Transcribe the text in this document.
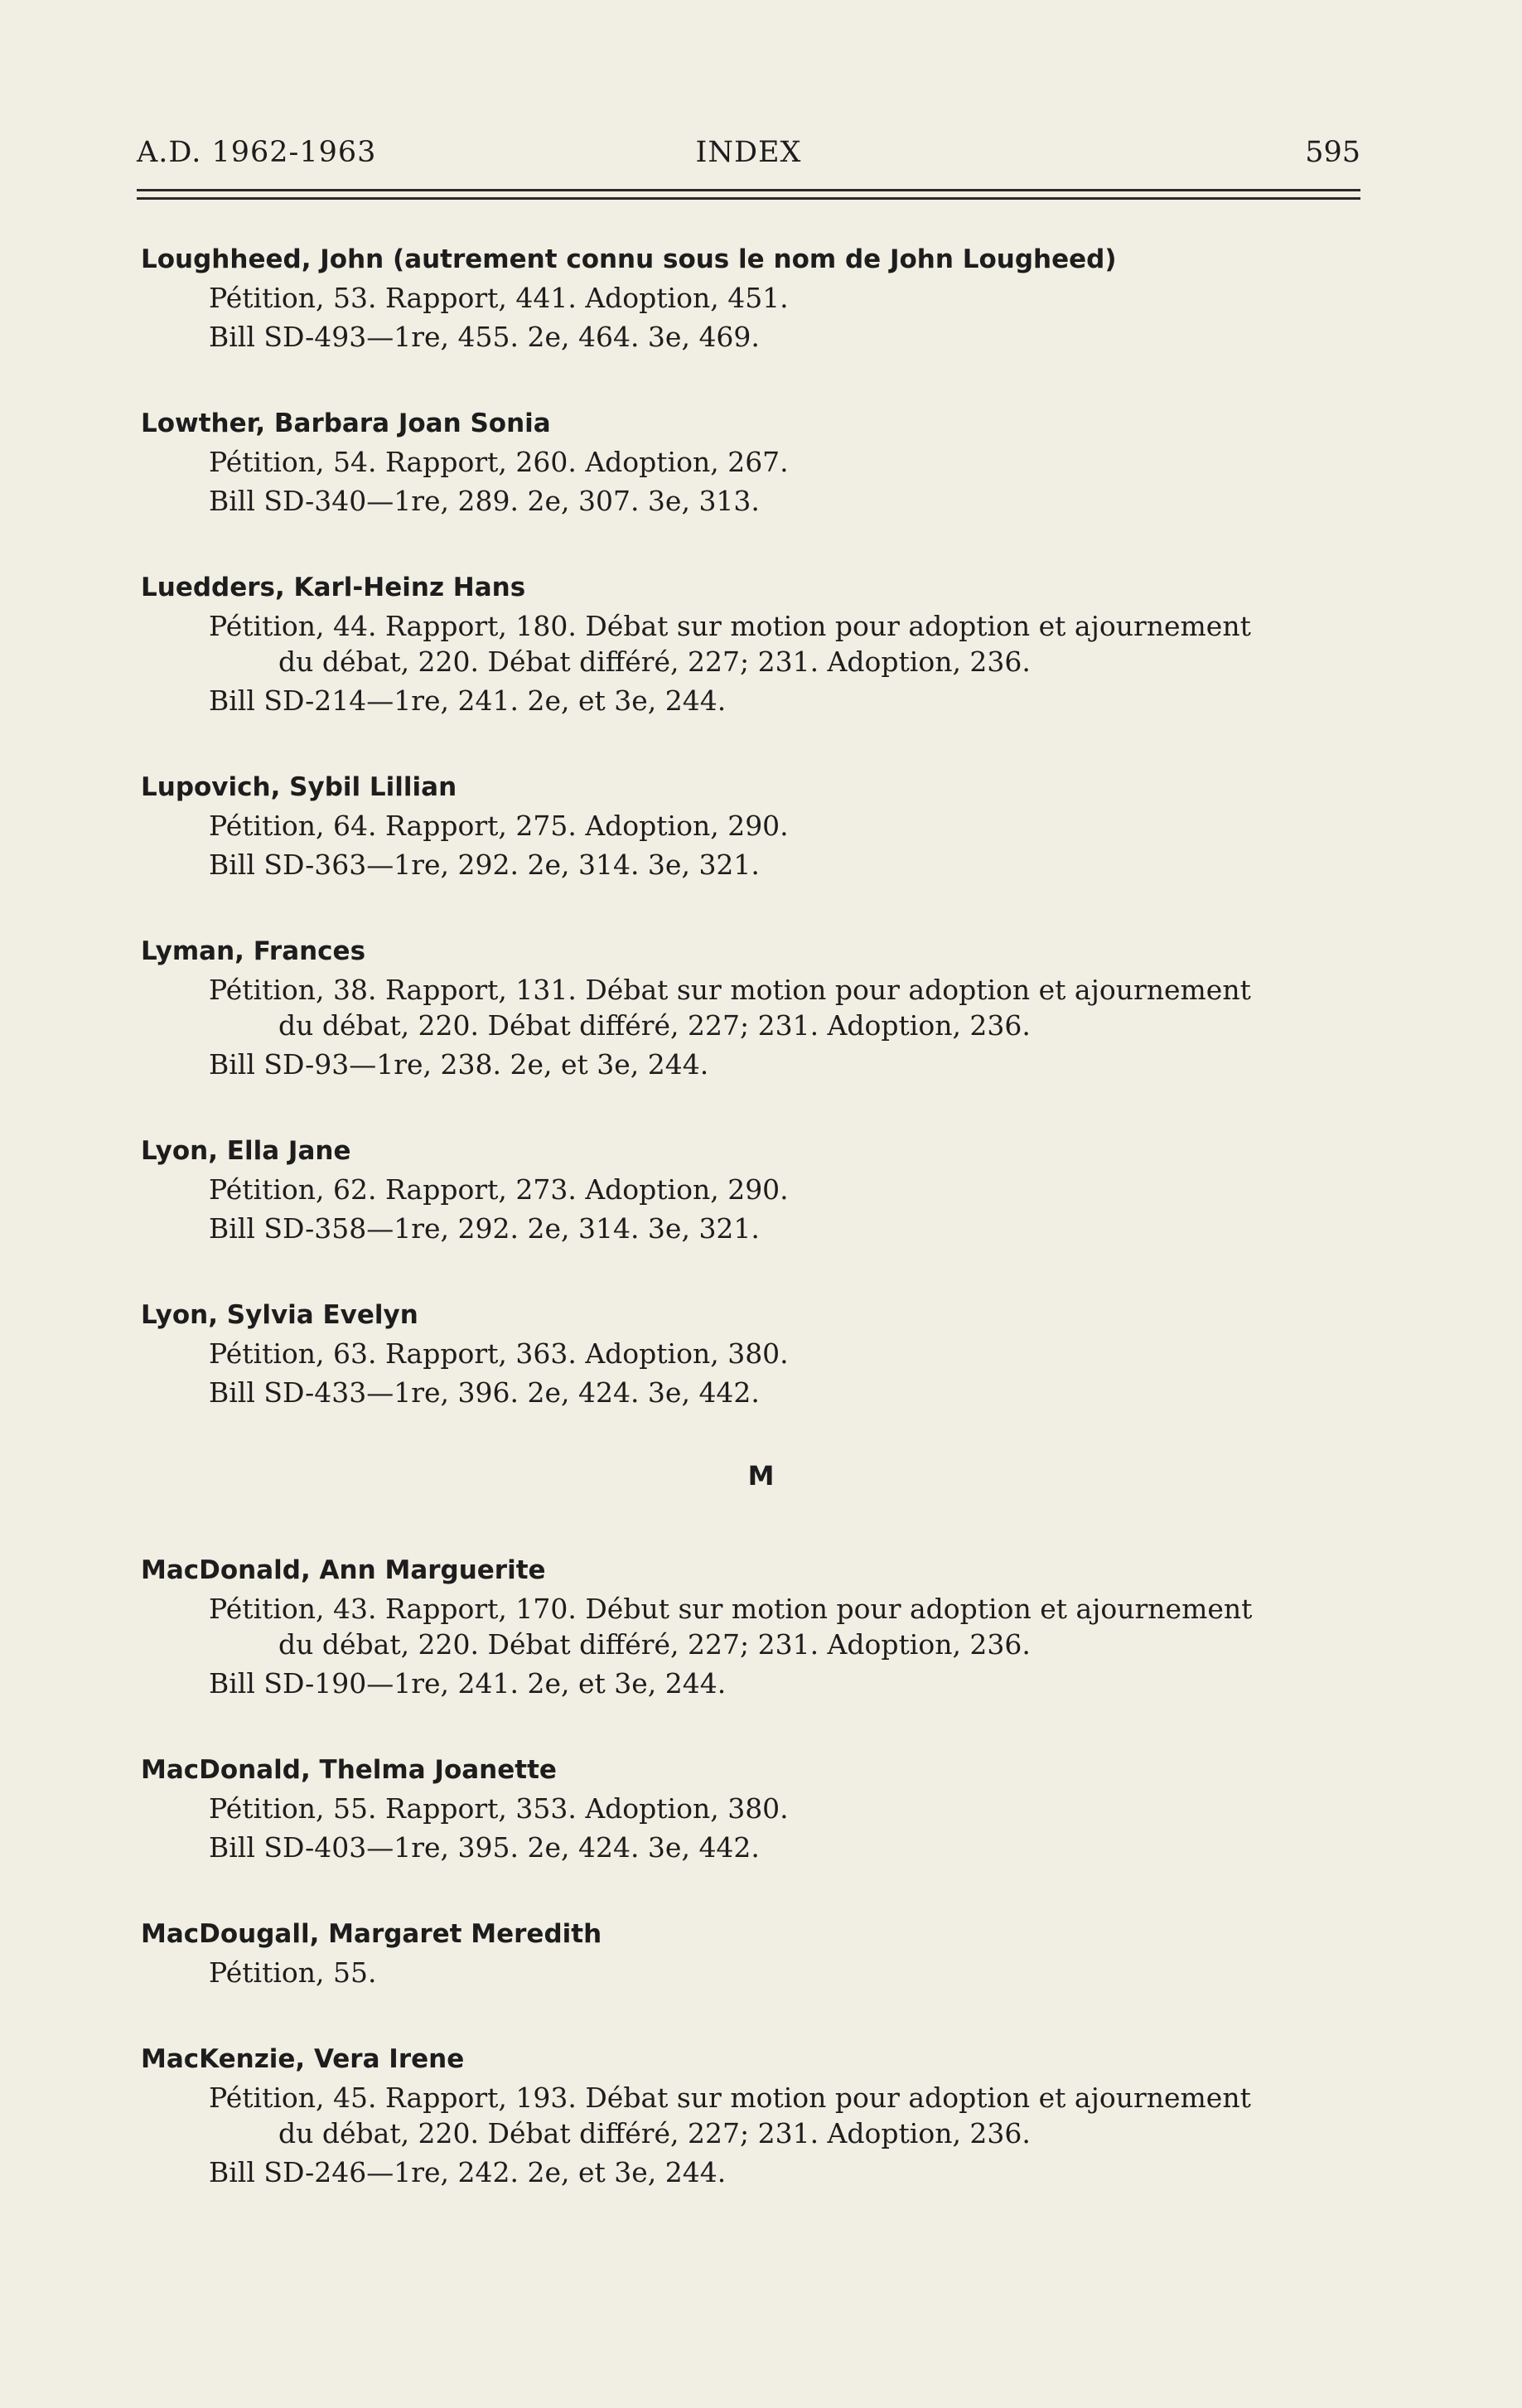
A.D. 1962-1963	INDEX	595
Loughheed, John (autrement connu sous le nom de John Lougheed)
Pétition, 53. Rapport, 441. Adoption, 451.
Bill SD-493—1re, 455. 2e, 464. 3e, 469.
Lowther, Barbara Joan Sonia
Pétition, 54. Rapport, 260. Adoption, 267.
Bill SD-340—1re, 289. 2e, 307. 3e, 313.
Luedders, Karl-Heinz Hans
Pétition, 44. Rapport, 180. Débat sur motion pour adoption et ajournement
du débat, 220. Débat différé, 227; 231. Adoption, 236.
Bill SD-214—1re, 241. 2e, et 3e, 244.
Lupovich, Sybil Lillian
Pétition, 64. Rapport, 275. Adoption, 290.
Bill SD-363—1re, 292. 2e, 314. 3e, 321.
Lyman, Frances
Pétition, 38. Rapport, 131. Débat sur motion pour adoption et ajournement
du débat, 220. Débat différé, 227; 231. Adoption, 236.
Bill SD-93—1re, 238. 2e, et 3e, 244.
Lyon, Ella Jane
Pétition, 62. Rapport, 273. Adoption, 290.
Bill SD-358—1re, 292. 2e, 314. 3e, 321.
Lyon, Sylvia Evelyn
Pétition, 63. Rapport, 363. Adoption, 380.
Bill SD-433—1re, 396. 2e, 424. 3e, 442.
M
MacDonald, Ann Marguerite
Pétition, 43. Rapport, 170. Début sur motion pour adoption et ajournement
du débat, 220. Débat différé, 227; 231. Adoption, 236.
Bill SD-190—1re, 241. 2e, et 3e, 244.
MacDonald, Thelma Joanette
Pétition, 55. Rapport, 353. Adoption, 380.
Bill SD-403—1re, 395. 2e, 424. 3e, 442.
MacDougall, Margaret Meredith
Pétition, 55.
MacKenzie, Vera Irene
Pétition, 45. Rapport, 193. Débat sur motion pour adoption et ajournement
du débat, 220. Débat différé, 227; 231. Adoption, 236.
Bill SD-246—1re, 242. 2e, et 3e, 244.
